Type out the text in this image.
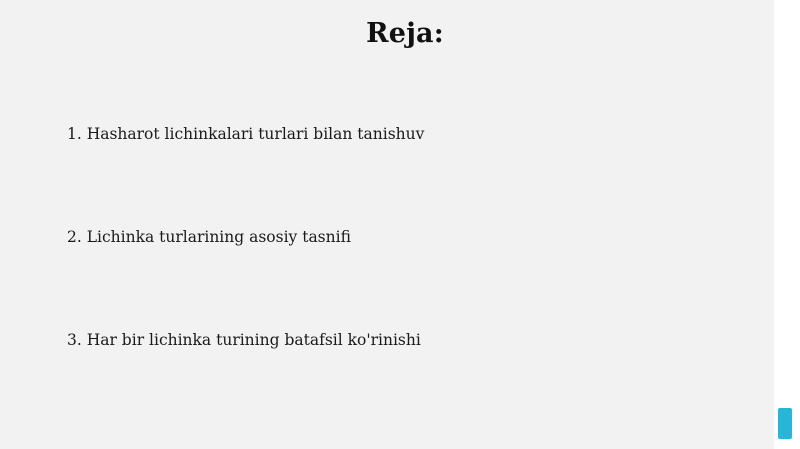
Reja:
1. Hasharot lichinkalari turlari bilan tanishuv
2. Lichinka turlarining asosiy tasnifi
3. Har bir lichinka turining batafsil ko'rinishi
